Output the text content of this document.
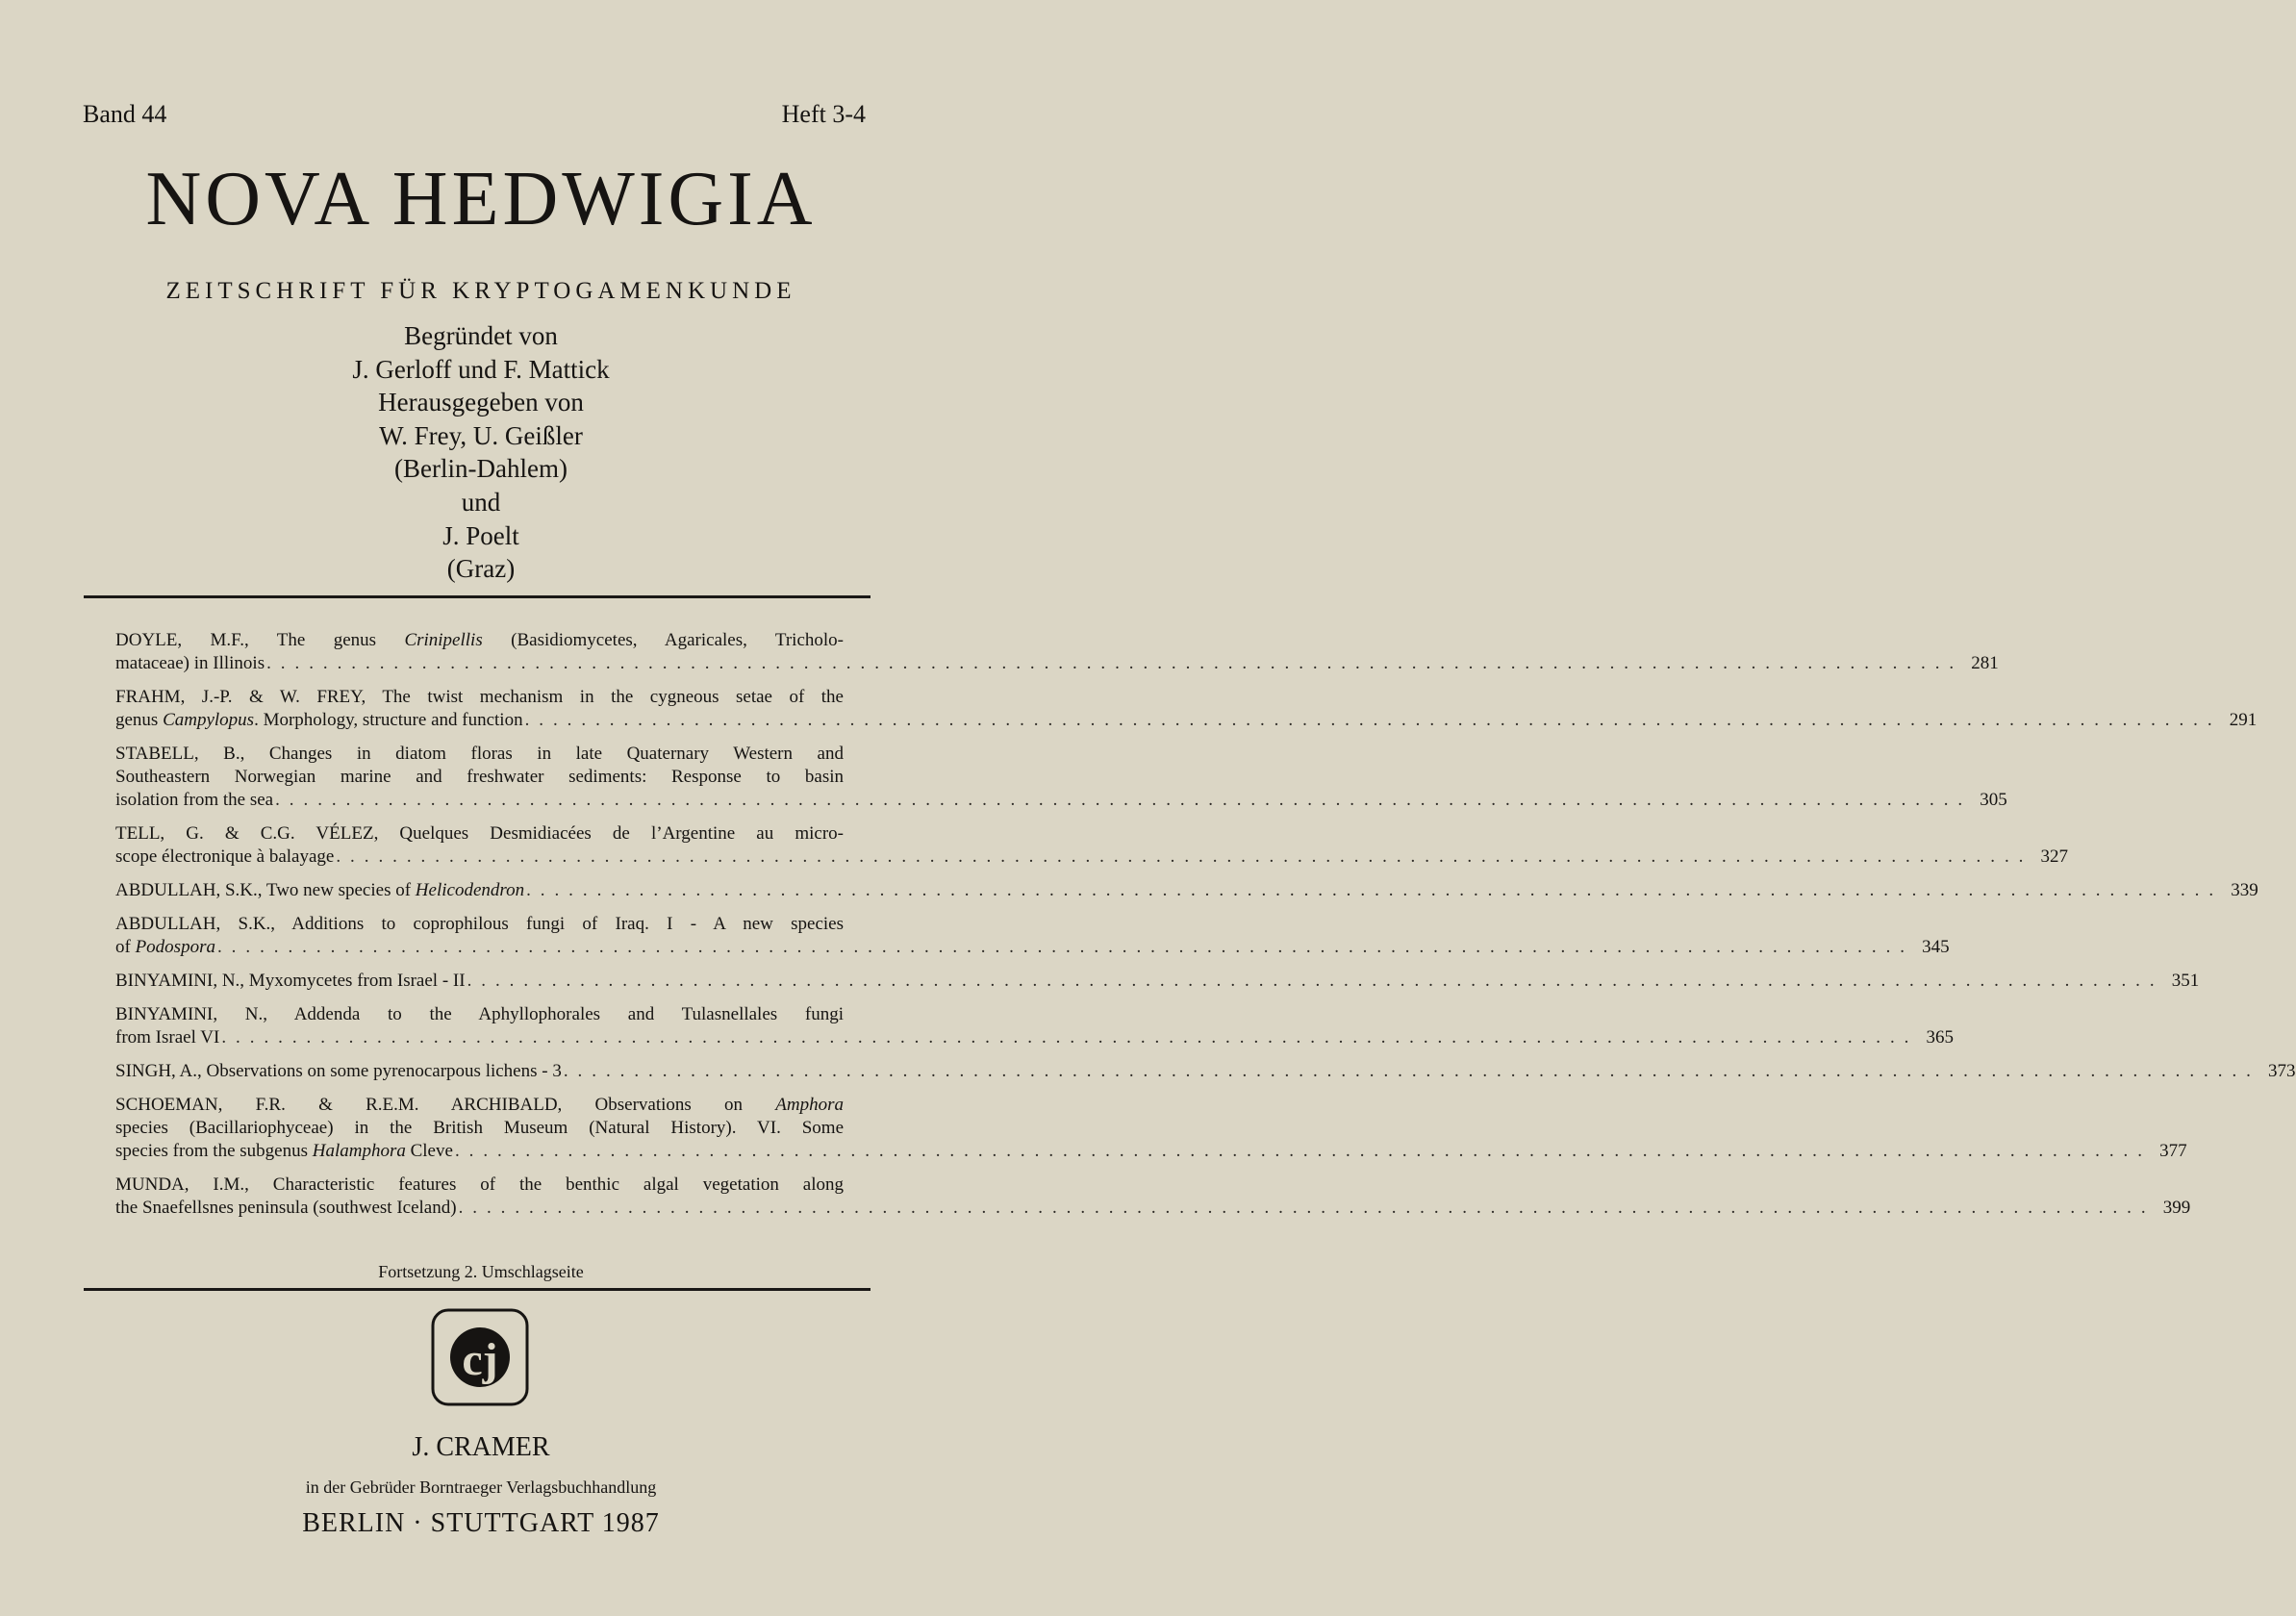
Band 44	Heft 3-4
NOVA HEDWIGIA
ZEITSCHRIFT FÜR KRYPTOGAMENKUNDE
Begründet von
J. Gerloff und F. Mattick
Herausgegeben von
W. Frey, U. Geißler
(Berlin-Dahlem)
und
J. Poelt
(Graz)
DOYLE, M.F., The genus Crinipellis (Basidiomycetes, Agaricales, Tricholo-
mataceae) in Illinois . . . . . . . . . . . . . . . . . . . . . . . . . . . . . . . . . . . . . . . . . . . . . . . . . . . . . . . . . . . . . . . . . . . . . . . . . . . . . . . . . . . . . . . . . . . . . . . . . . . . . . . . . . . . . . . . . . . . . . . . 281
FRAHM, J.-P. & W. FREY, The twist mechanism in the cygneous setae of the
genus Campylopus. Morphology, structure and function . . . . . . . . . . . . . . . . . . . . . . . . . . . . . . . . . . . . . . . . . . . . . . . . . . . . . . . . . . . . . . . . . . . . . . . . . . . . . . . . . . . . . . . . . . . . . . . . . . . . . . . . . . . . . . . . . . . . . . . . 291
STABELL, B., Changes in diatom floras in late Quaternary Western and
Southeastern Norwegian marine and freshwater sediments: Response to basin
isolation from the sea . . . . . . . . . . . . . . . . . . . . . . . . . . . . . . . . . . . . . . . . . . . . . . . . . . . . . . . . . . . . . . . . . . . . . . . . . . . . . . . . . . . . . . . . . . . . . . . . . . . . . . . . . . . . . . . . . . . . . . . . 305
TELL, G. & C.G. VÉLEZ, Quelques Desmidiacées de l’Argentine au micro-
scope électronique à balayage . . . . . . . . . . . . . . . . . . . . . . . . . . . . . . . . . . . . . . . . . . . . . . . . . . . . . . . . . . . . . . . . . . . . . . . . . . . . . . . . . . . . . . . . . . . . . . . . . . . . . . . . . . . . . . . . . . . . . . . . 327
ABDULLAH, S.K., Two new species of Helicodendron . . . . . . . . . . . . . . . . . . . . . . . . . . . . . . . . . . . . . . . . . . . . . . . . . . . . . . . . . . . . . . . . . . . . . . . . . . . . . . . . . . . . . . . . . . . . . . . . . . . . . . . . . . . . . . . . . . . . . . . . 339
ABDULLAH, S.K., Additions to coprophilous fungi of Iraq. I - A new species
of Podospora . . . . . . . . . . . . . . . . . . . . . . . . . . . . . . . . . . . . . . . . . . . . . . . . . . . . . . . . . . . . . . . . . . . . . . . . . . . . . . . . . . . . . . . . . . . . . . . . . . . . . . . . . . . . . . . . . . . . . . . . 345
BINYAMINI, N., Myxomycetes from Israel - II . . . . . . . . . . . . . . . . . . . . . . . . . . . . . . . . . . . . . . . . . . . . . . . . . . . . . . . . . . . . . . . . . . . . . . . . . . . . . . . . . . . . . . . . . . . . . . . . . . . . . . . . . . . . . . . . . . . . . . . . 351
BINYAMINI, N., Addenda to the Aphyllophorales and Tulasnellales fungi
from Israel VI . . . . . . . . . . . . . . . . . . . . . . . . . . . . . . . . . . . . . . . . . . . . . . . . . . . . . . . . . . . . . . . . . . . . . . . . . . . . . . . . . . . . . . . . . . . . . . . . . . . . . . . . . . . . . . . . . . . . . . . . 365
SINGH, A., Observations on some pyrenocarpous lichens - 3 . . . . . . . . . . . . . . . . . . . . . . . . . . . . . . . . . . . . . . . . . . . . . . . . . . . . . . . . . . . . . . . . . . . . . . . . . . . . . . . . . . . . . . . . . . . . . . . . . . . . . . . . . . . . . . . . . . . . . . . . 373
SCHOEMAN, F.R. & R.E.M. ARCHIBALD, Observations on Amphora
species (Bacillariophyceae) in the British Museum (Natural History). VI. Some
species from the subgenus Halamphora Cleve . . . . . . . . . . . . . . . . . . . . . . . . . . . . . . . . . . . . . . . . . . . . . . . . . . . . . . . . . . . . . . . . . . . . . . . . . . . . . . . . . . . . . . . . . . . . . . . . . . . . . . . . . . . . . . . . . . . . . . . . 377
MUNDA, I.M., Characteristic features of the benthic algal vegetation along
the Snaefellsnes peninsula (southwest Iceland) . . . . . . . . . . . . . . . . . . . . . . . . . . . . . . . . . . . . . . . . . . . . . . . . . . . . . . . . . . . . . . . . . . . . . . . . . . . . . . . . . . . . . . . . . . . . . . . . . . . . . . . . . . . . . . . . . . . . . . . . 399
Fortsetzung 2. Umschlagseite
cj
J. CRAMER
in der Gebrüder Borntraeger Verlagsbuchhandlung
BERLIN · STUTTGART 1987
